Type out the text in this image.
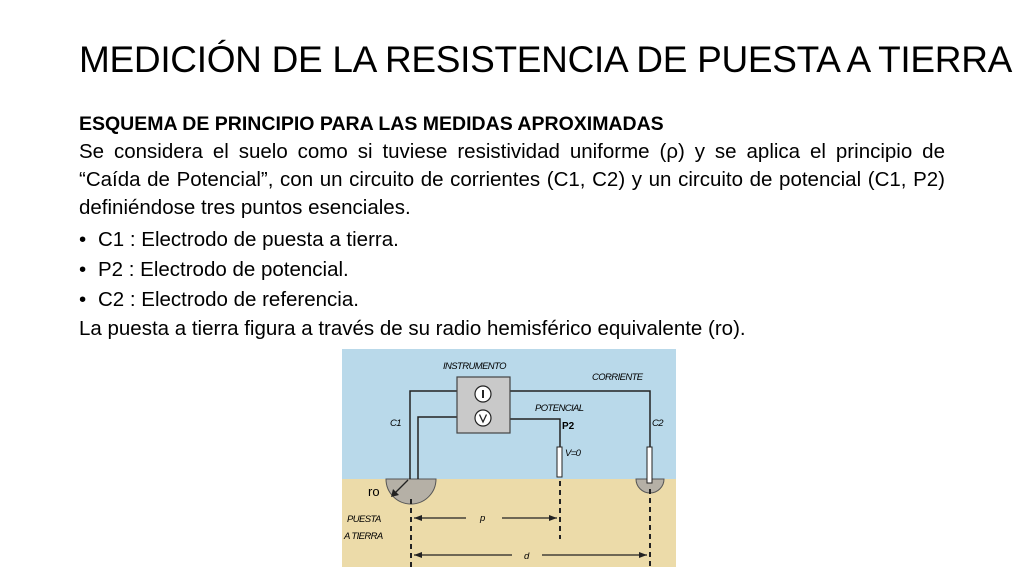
MEDICIÓN DE LA RESISTENCIA DE PUESTA A TIERRA
ESQUEMA DE PRINCIPIO PARA LAS MEDIDAS APROXIMADAS

Se considera el suelo como si tuviese resistividad uniforme (ρ) y se aplica el principio de “Caída de Potencial”, con un circuito de corrientes (C1, C2) y un circuito de potencial (C1, P2) definiéndose tres puntos esenciales.

• C1 : Electrodo de puesta a tierra.
• P2 : Electrodo de potencial.
• C2 : Electrodo de referencia.
La puesta a tierra figura a través de su radio hemisférico equivalente (ro).
INSTRUMENTO
CORRIENTE
POTENCIAL
C1	P2	C2
V=0
ro
PUESTA
A TIERRA
p
d
